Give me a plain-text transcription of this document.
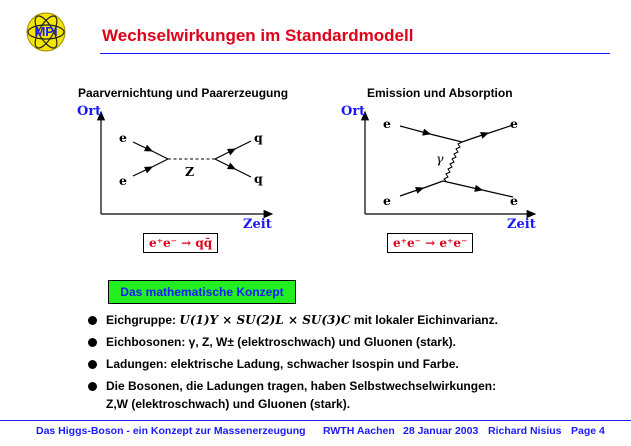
MPI	Wechselwirkungen im Standardmodell
Paarvernichtung und Paarerzeugung	Emission und Absorption
Ort
Zeit
e
e
q
q
Z
e⁺e⁻ → qq̄
Ort
Zeit
e
e
e
e
γ
e⁺e⁻ → e⁺e⁻
Das mathematische Konzept
Eichgruppe: U(1)Y × SU(2)L × SU(3)C mit lokaler Eichinvarianz.
Eichbosonen: γ, Z, W± (elektroschwach) und Gluonen (stark).
Ladungen: elektrische Ladung, schwacher Isospin und Farbe.
Die Bosonen, die Ladungen tragen, haben Selbstwechselwirkungen:
Z,W (elektroschwach) und Gluonen (stark).
Das Higgs-Boson - ein Konzept zur Massenerzeugung RWTH Aachen 28 Januar 2003 Richard Nisius Page 4
